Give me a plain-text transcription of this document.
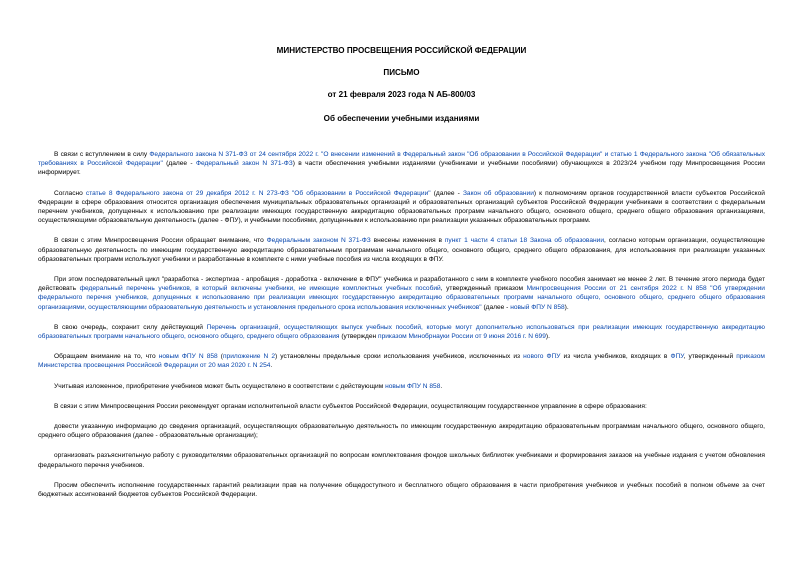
МИНИСТЕРСТВО ПРОСВЕЩЕНИЯ РОССИЙСКОЙ ФЕДЕРАЦИИ

ПИСЬМО

от 21 февраля 2023 года N АБ-800/03

Об обеспечении учебными изданиями

В связи с вступлением в силу Федерального закона N 371-ФЗ от 24 сентября 2022 г. "О внесении изменений в Федеральный закон "Об образовании в Российской Федерации" и статью 1 Федерального закона "Об обязательных требованиях в Российской Федерации" (далее - Федеральный закон N 371-ФЗ) в части обеспечения учебными изданиями (учебниками и учебными пособиями) обучающихся в 2023/24 учебном году Минпросвещения России информирует.

Согласно статье 8 Федерального закона от 29 декабря 2012 г. N 273-ФЗ "Об образовании в Российской Федерации" (далее - Закон об образовании) к полномочиям органов государственной власти субъектов Российской Федерации в сфере образования относится организация обеспечения муниципальных образовательных организаций и образовательных организаций субъектов Российской Федерации учебниками в соответствии с федеральным перечнем учебников, допущенных к использованию при реализации имеющих государственную аккредитацию образовательных программ начального общего, основного общего, среднего общего образования организациями, осуществляющими образовательную деятельность (далее - ФПУ), и учебными пособиями, допущенными к использованию при реализации указанных образовательных программ.

В связи с этим Минпросвещения России обращает внимание, что Федеральным законом N 371-ФЗ внесены изменения в пункт 1 части 4 статьи 18 Закона об образовании, согласно которым организации, осуществляющие образовательную деятельность по имеющим государственную аккредитацию образовательным программам начального общего, основного общего, среднего общего образования, для использования при реализации указанных образовательных программ используют учебники и разработанные в комплекте с ними учебные пособия из числа входящих в ФПУ.

При этом последовательный цикл "разработка - экспертиза - апробация - доработка - включение в ФПУ" учебника и разработанного с ним в комплекте учебного пособия занимает не менее 2 лет. В течение этого периода будет действовать федеральный перечень учебников, в который включены учебники, не имеющие комплектных учебных пособий, утвержденный приказом Минпросвещения России от 21 сентября 2022 г. N 858 "Об утверждении федерального перечня учебников, допущенных к использованию при реализации имеющих государственную аккредитацию образовательных программ начального общего, основного общего, среднего общего образования организациями, осуществляющими образовательную деятельность и установления предельного срока использования исключенных учебников" (далее - новый ФПУ N 858).

В свою очередь, сохранит силу действующий Перечень организаций, осуществляющих выпуск учебных пособий, которые могут дополнительно использоваться при реализации имеющих государственную аккредитацию образовательных программ начального общего, основного общего, среднего общего образования (утвержден приказом Минобрнауки России от 9 июня 2016 г. N 699).

Обращаем внимание на то, что новым ФПУ N 858 (приложение N 2) установлены предельные сроки использования учебников, исключенных из нового ФПУ из числа учебников, входящих в ФПУ, утвержденный приказом Министерства просвещения Российской Федерации от 20 мая 2020 г. N 254.

Учитывая изложенное, приобретение учебников может быть осуществлено в соответствии с действующим новым ФПУ N 858.

В связи с этим Минпросвещения России рекомендует органам исполнительной власти субъектов Российской Федерации, осуществляющим государственное управление в сфере образования:

довести указанную информацию до сведения организаций, осуществляющих образовательную деятельность по имеющим государственную аккредитацию образовательным программам начального общего, основного общего, среднего общего образования (далее - образовательные организации);

организовать разъяснительную работу с руководителями образовательных организаций по вопросам комплектования фондов школьных библиотек учебниками и формирования заказов на учебные издания с учетом обновления федерального перечня учебников.

Просим обеспечить исполнение государственных гарантий реализации прав на получение общедоступного и бесплатного общего образования в части приобретения учебников и учебных пособий в полном объеме за счет бюджетных ассигнований бюджетов субъектов Российской Федерации.
